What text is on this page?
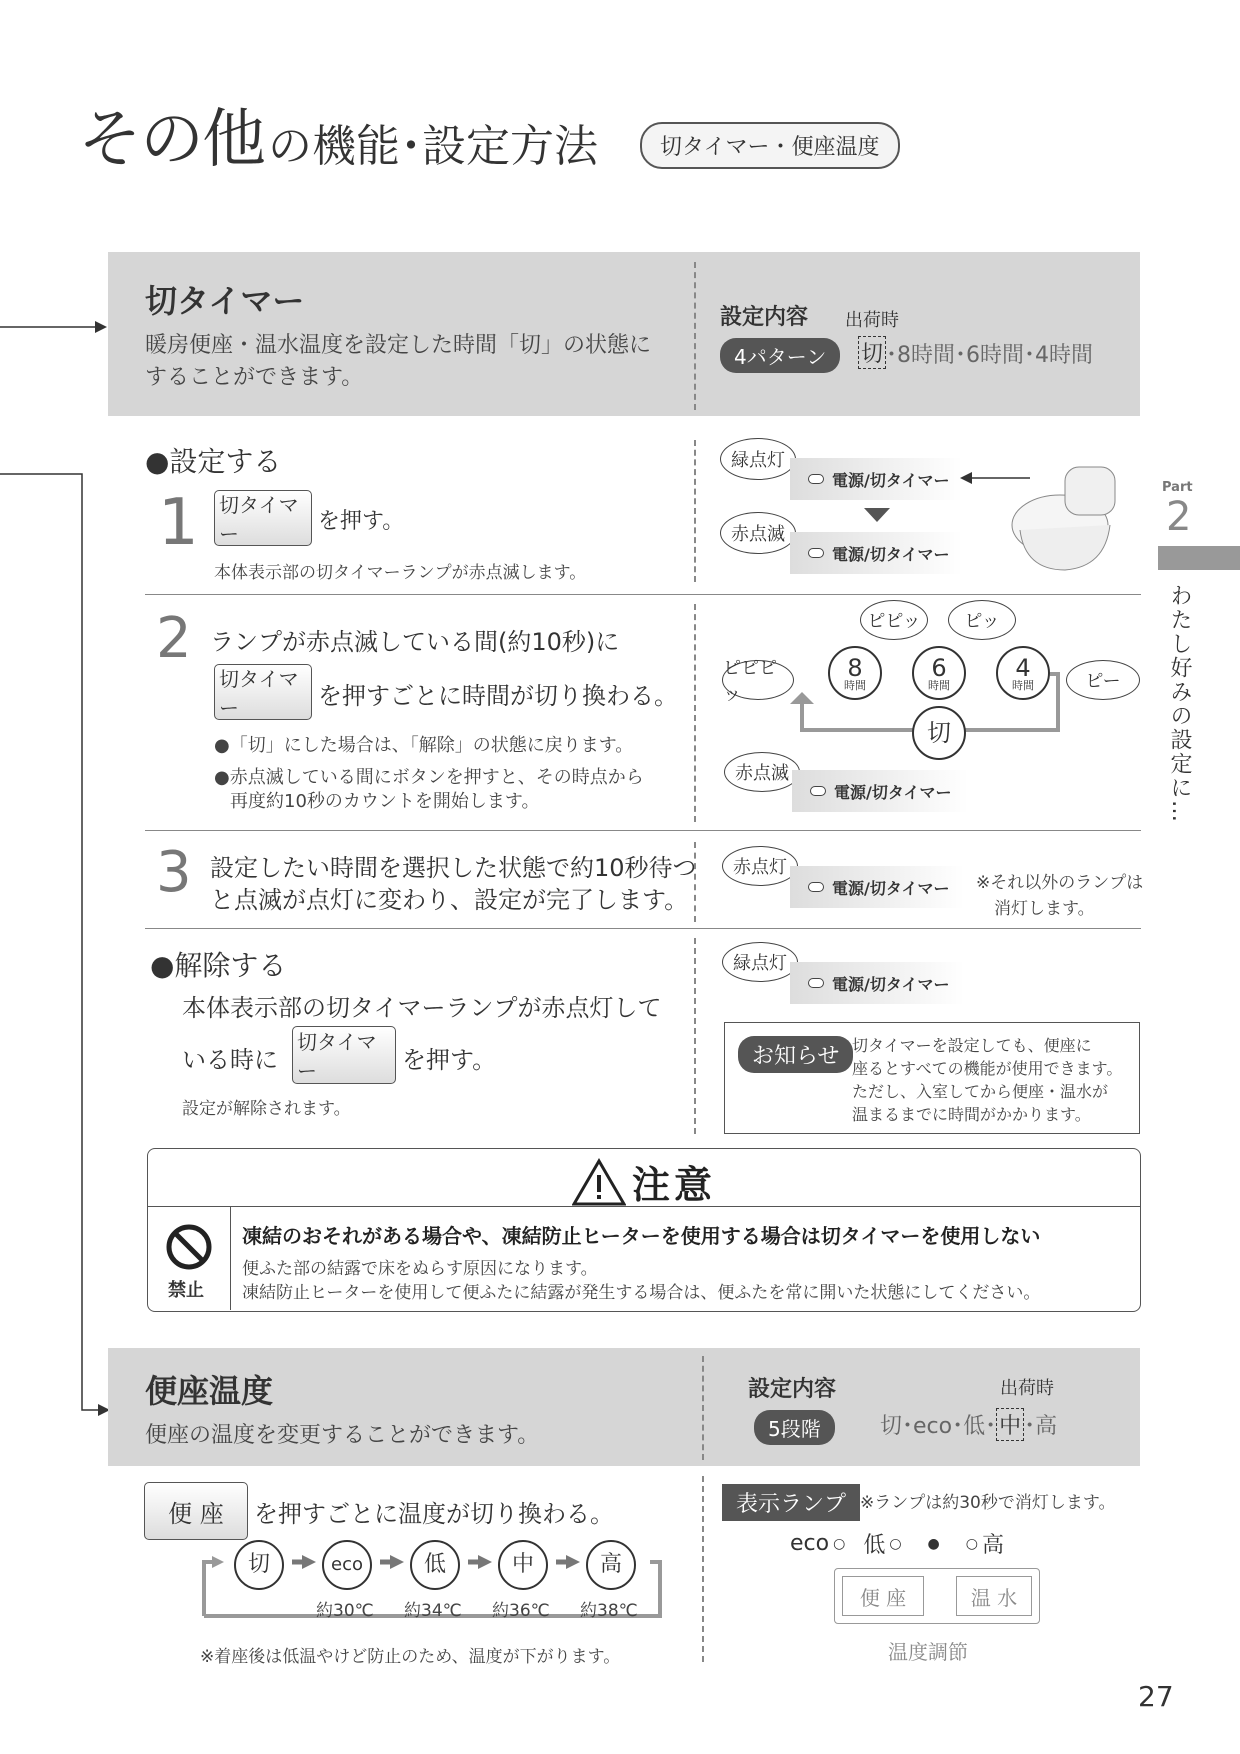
その他 の機能･設定方法	切タイマー・便座温度
切タイマー
暖房便座・温水温度を設定した時間「切」の状態に
することができます。
設定内容 出荷時
4パターン	切 ･8時間･6時間･4時間
●設定する
1 切タイマー	を押す。
本体表示部の切タイマーランプが赤点滅します。
緑点灯
電源/切タイマー
赤点滅
電源/切タイマー
2 ランプが赤点滅している間(約10秒)に
切タイマー	を押すごとに時間が切り換わる。
●「切」にした場合は、「解除」の状態に戻ります。
●赤点滅している間にボタンを押すと、その時点から
再度約10秒のカウントを開始します。
ピピッ	ピッ
ピピピッ
ピー
8
時間
6
時間
4
時間
切
赤点滅
電源/切タイマー
3 設定したい時間を選択した状態で約10秒待つ
と点滅が点灯に変わり、設定が完了します。
赤点灯
電源/切タイマー ※それ以外のランプは
消灯します。
●解除する
本体表示部の切タイマーランプが赤点灯して
いる時に
切タイマー	を押す。
設定が解除されます。
緑点灯
電源/切タイマー
お知らせ 切タイマーを設定しても、便座に
座るとすべての機能が使用できます。
ただし、入室してから便座・温水が
温まるまでに時間がかかります。
注意
禁止
凍結のおそれがある場合や、凍結防止ヒーターを使用する場合は切タイマーを使用しない
便ふた部の結露で床をぬらす原因になります。
凍結防止ヒーターを使用して便ふたに結露が発生する場合は、便ふたを常に開いた状態にしてください。
便座温度
便座の温度を変更することができます。
設定内容	出荷時
5段階	切･eco･低･ 中 ･高
便 座	を押すごとに温度が切り換わる。
切	eco	低	中	高
約30℃ 約34℃ 約36℃ 約38℃
※着座後は低温やけど防止のため、温度が下がります。
表示ランプ ※ランプは約30秒で消灯します。
eco ○ 低 ○ ● ○ 高
便 座	温 水
温度調節
Part
2
わたし好みの設定に…
27
